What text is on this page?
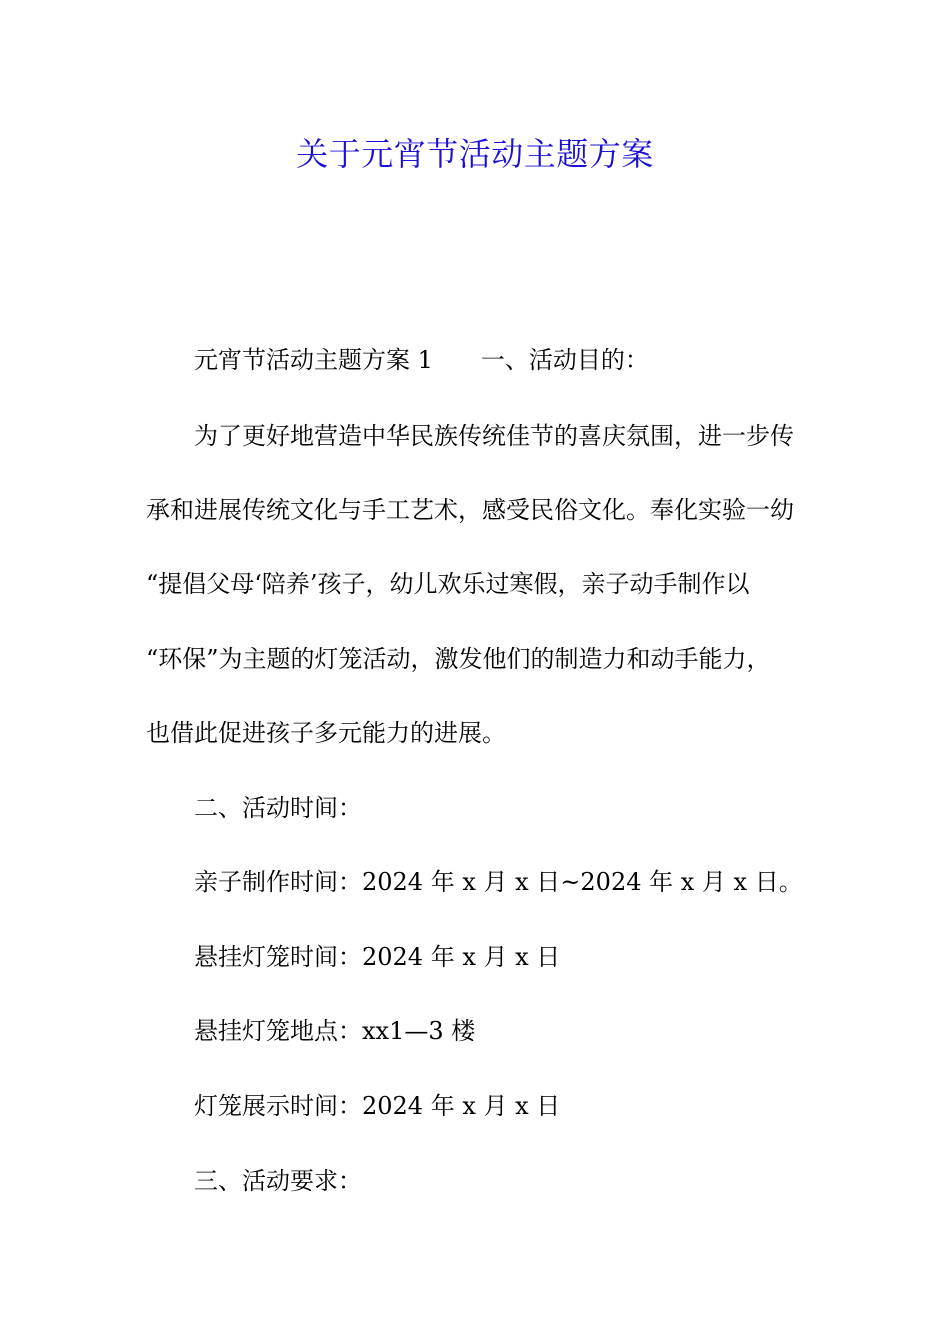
关于元宵节活动主题方案
元宵节活动主题方案 1 一、活动目的：
为了更好地营造中华民族传统佳节的喜庆氛围，进一步传
承和进展传统文化与手工艺术，感受民俗文化。奉化实验一幼
“提倡父母‘陪养’孩子，幼儿欢乐过寒假，亲子动手制作以
“环保”为主题的灯笼活动，激发他们的制造力和动手能力，
也借此促进孩子多元能力的进展。
二、活动时间：
亲子制作时间：2024 年 x 月 x 日~2024 年 x 月 x 日。
悬挂灯笼时间：2024 年 x 月 x 日
悬挂灯笼地点：xx1—3 楼
灯笼展示时间：2024 年 x 月 x 日
三、活动要求：
